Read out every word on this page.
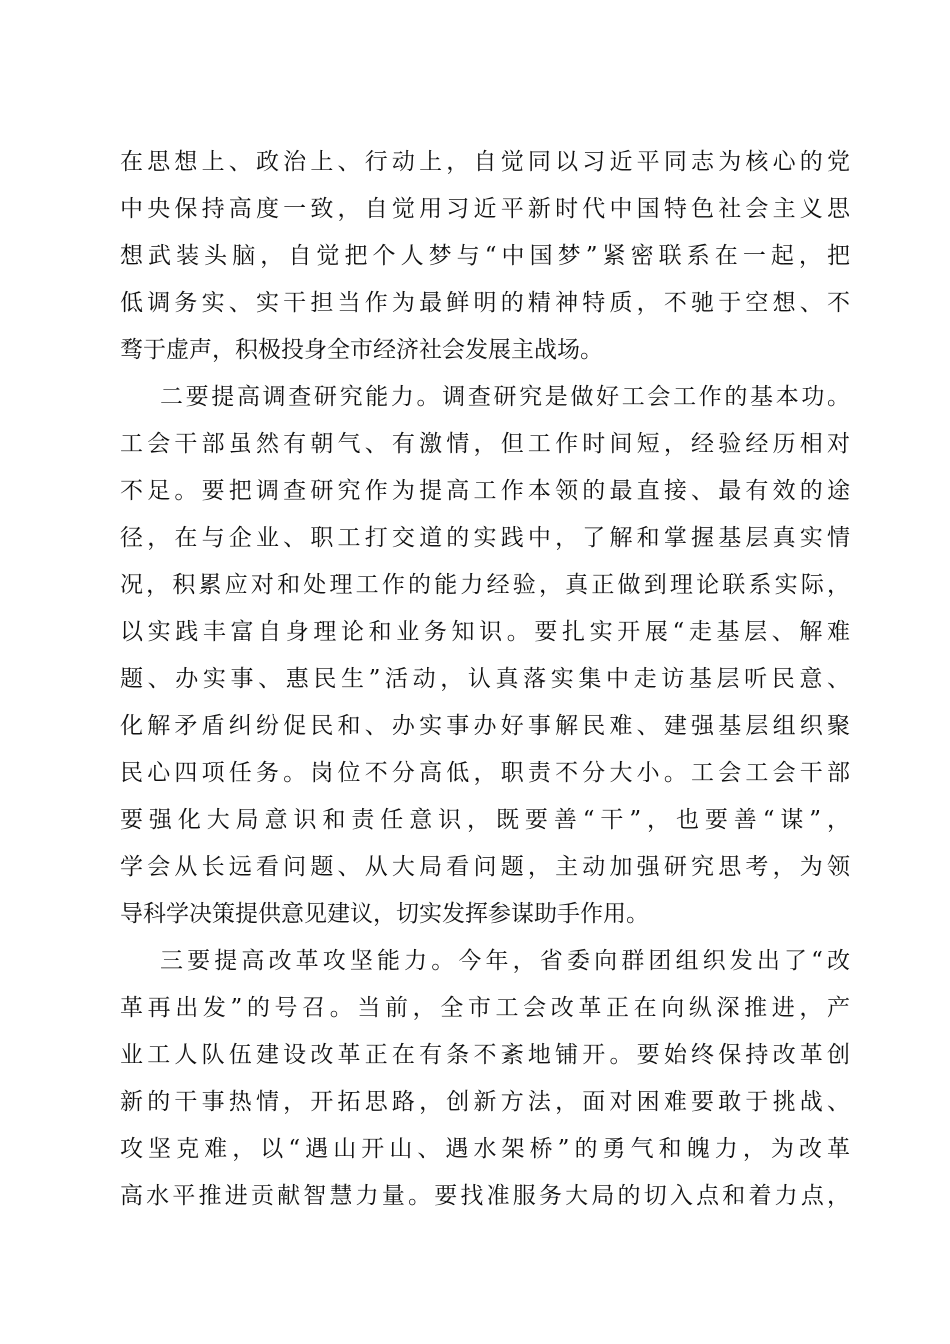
在思想上、政治上、行动上，自觉同以习近平同志为核心的党
中央保持高度一致，自觉用习近平新时代中国特色社会主义思
想武装头脑，自觉把个人梦与“中国梦”紧密联系在一起，把
低调务实、实干担当作为最鲜明的精神特质，不驰于空想、不
骛于虚声，积极投身全市经济社会发展主战场。
二要提高调查研究能力。调查研究是做好工会工作的基本功。
工会干部虽然有朝气、有激情，但工作时间短，经验经历相对
不足。要把调查研究作为提高工作本领的最直接、最有效的途
径，在与企业、职工打交道的实践中，了解和掌握基层真实情
况，积累应对和处理工作的能力经验，真正做到理论联系实际，
以实践丰富自身理论和业务知识。要扎实开展“走基层、解难
题、办实事、惠民生”活动，认真落实集中走访基层听民意、
化解矛盾纠纷促民和、办实事办好事解民难、建强基层组织聚
民心四项任务。岗位不分高低，职责不分大小。工会工会干部
要强化大局意识和责任意识，既要善“干”，也要善“谋”，
学会从长远看问题、从大局看问题，主动加强研究思考，为领
导科学决策提供意见建议，切实发挥参谋助手作用。
三要提高改革攻坚能力。今年，省委向群团组织发出了“改
革再出发”的号召。当前，全市工会改革正在向纵深推进，产
业工人队伍建设改革正在有条不紊地铺开。要始终保持改革创
新的干事热情，开拓思路，创新方法，面对困难要敢于挑战、
攻坚克难，以“遇山开山、遇水架桥”的勇气和魄力，为改革
高水平推进贡献智慧力量。要找准服务大局的切入点和着力点，
